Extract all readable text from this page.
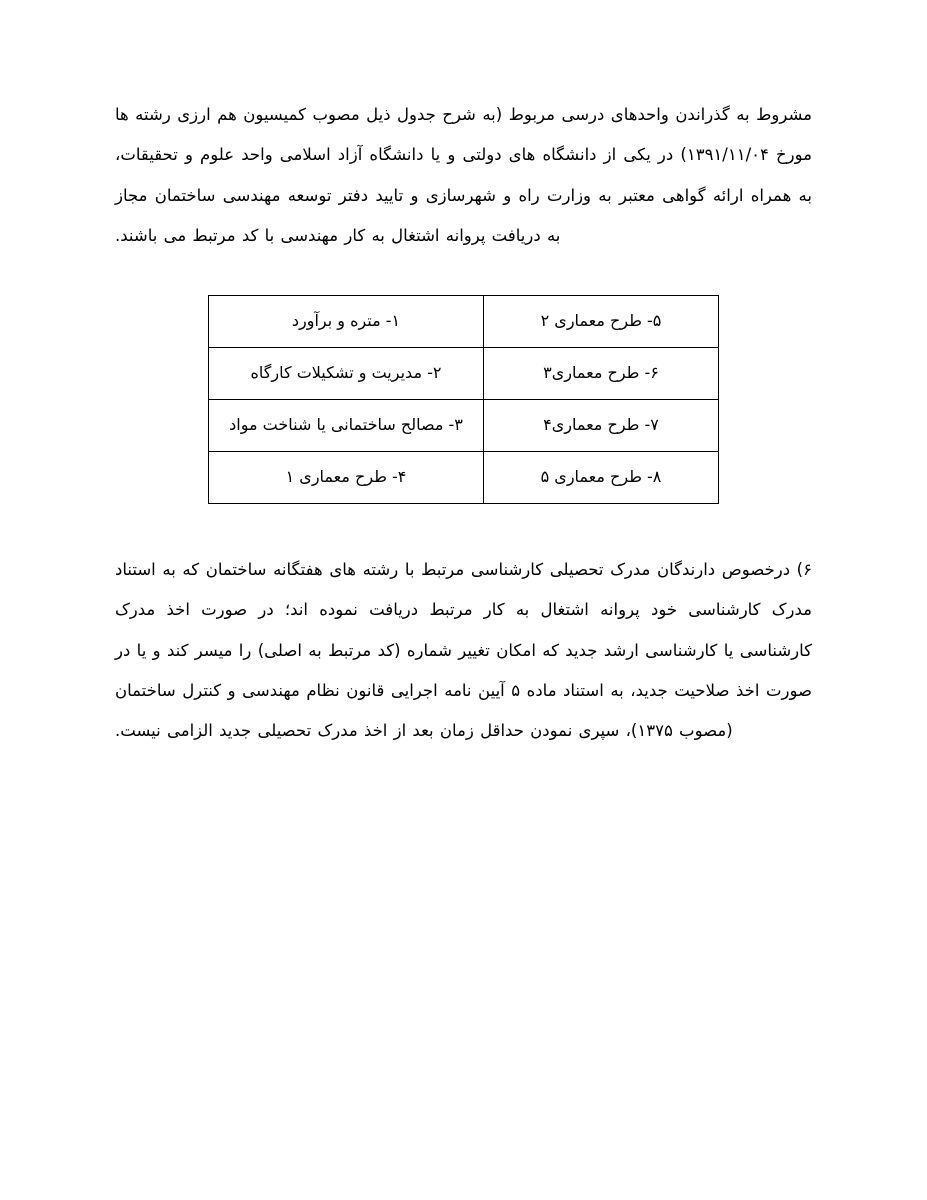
مشروط به گذراندن واحدهای درسی مربوط (به شرح جدول ذیل مصوب کمیسیون هم ارزی رشته ها مورخ ۱۳۹۱/۱۱/۰۴) در یکی از دانشگاه های دولتی و یا دانشگاه آزاد اسلامی واحد علوم و تحقیقات، به همراه ارائه گواهی معتبر به وزارت راه و شهرسازی و تایید دفتر توسعه مهندسی ساختمان مجاز به دریافت پروانه اشتغال به کار مهندسی با کد مرتبط می باشند.

۵- طرح معماری ۲	۱- متره و برآورد
۶- طرح معماری۳	۲- مدیریت و تشکیلات کارگاه
۷- طرح معماری۴	۳- مصالح ساختمانی یا شناخت مواد
۸- طرح معماری ۵	۴- طرح معماری ۱

۶) درخصوص دارندگان مدرک تحصیلی کارشناسی مرتبط با رشته های هفتگانه ساختمان که به استناد مدرک کارشناسی خود پروانه اشتغال به کار مرتبط دریافت نموده اند؛ در صورت اخذ مدرک کارشناسی یا کارشناسی ارشد جدید که امکان تغییر شماره (کد مرتبط به اصلی) را میسر کند و یا در صورت اخذ صلاحیت جدید، به استناد ماده ۵ آیین نامه اجرایی قانون نظام مهندسی و کنترل ساختمان (مصوب ۱۳۷۵)، سپری نمودن حداقل زمان بعد از اخذ مدرک تحصیلی جدید الزامی نیست.
